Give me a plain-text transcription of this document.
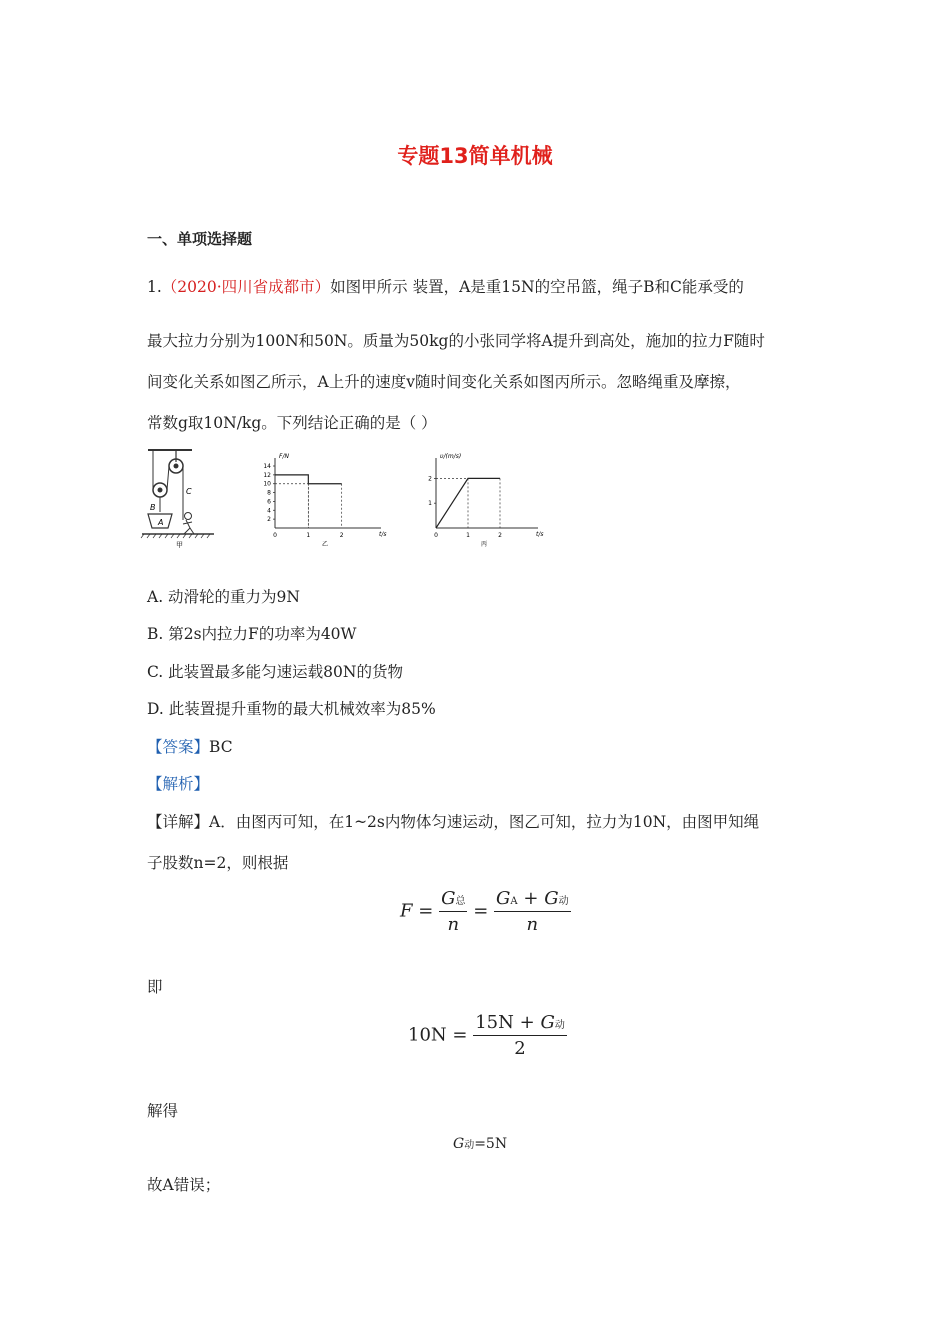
专题13简单机械
一、单项选择题
1.（2020·四川省成都市）如图甲所示 装置，A是重15N的空吊篮，绳子B和C能承受的
最大拉力分别为100N和50N。质量为50kg的小张同学将A提升到高处，施加的拉力F随时
间变化关系如图乙所示，A上升的速度v随时间变化关系如图丙所示。忽略绳重及摩擦，
常数g取10N/kg。下列结论正确的是（ ）
A
B
C
甲
F/N
t/s
14
12
10
8
6
4
2
0	1	2
乙
υ/(m/s)
t/s
2
1
0	1	2
丙
A. 动滑轮的重力为9N
B. 第2s内拉力F的功率为40W
C. 此装置最多能匀速运载80N的货物
D. 此装置提升重物的最大机械效率为85%
【答案】BC
【解析】
【详解】A．由图丙可知，在1~2s内物体匀速运动，图乙可知，拉力为10N，由图甲知绳
子股数n=2，则根据
$F = \frac{\text{G总}}{n} = \frac{\text{GA + G动}}{n}$
即
$10N = \frac{\text{15N + G动}}{2}$
解得
G动=5N
故A错误；
